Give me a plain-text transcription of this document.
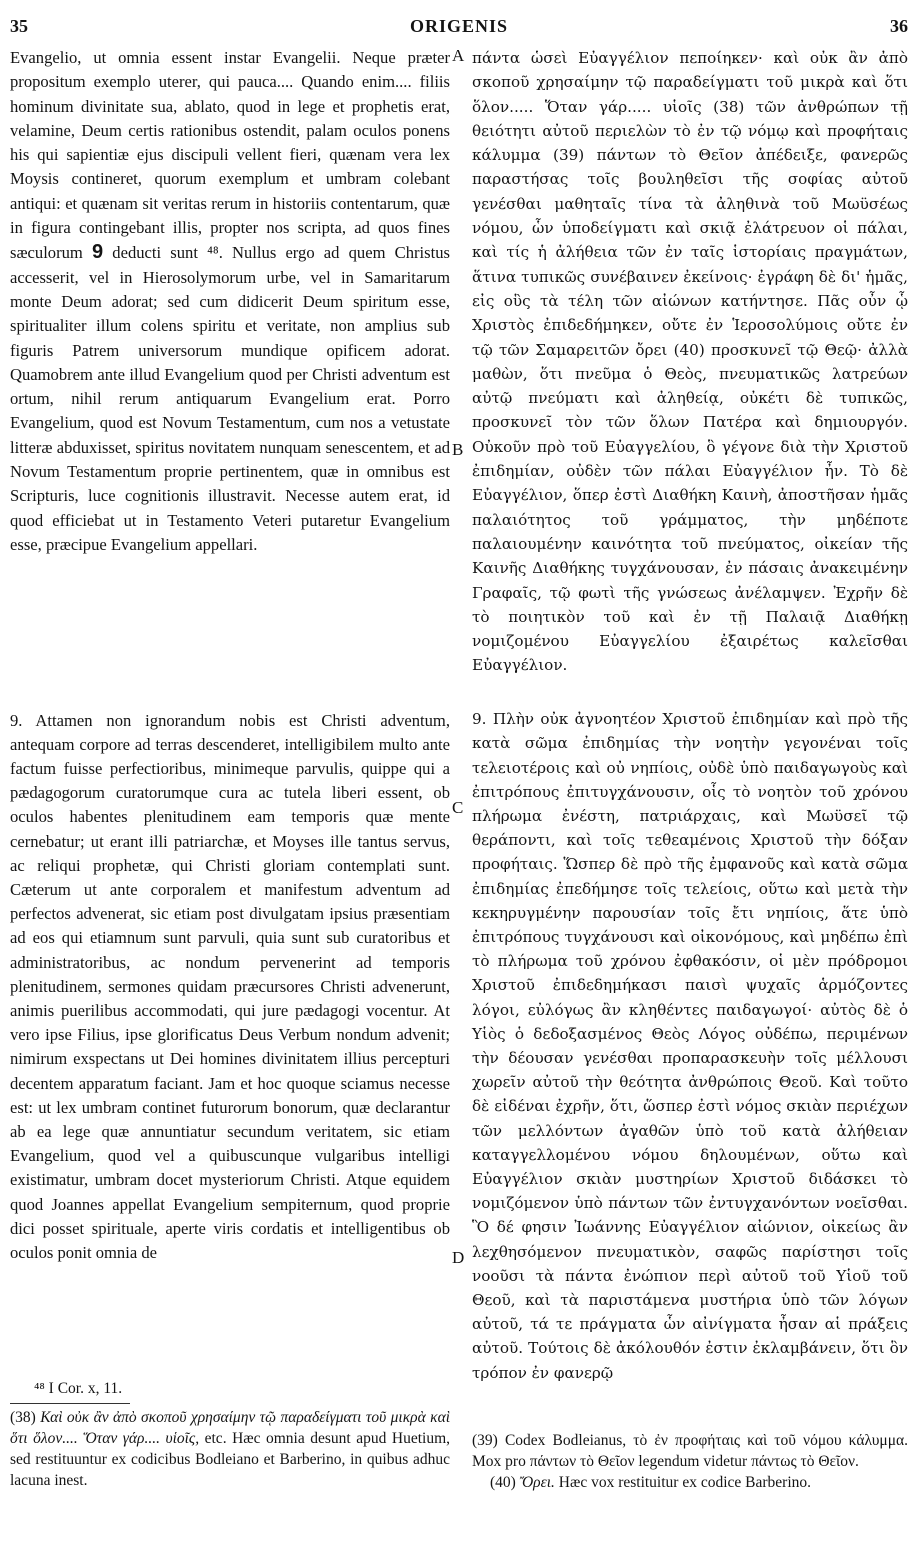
35	ORIGENIS	36

Evangelio, ut omnia essent instar Evangelii. Neque præter propositum exemplo uterer, qui pauca.... Quando enim.... filiis hominum divinitate sua, ablato, quod in lege et prophetis erat, velamine, Deum certis rationibus ostendit, palam oculos ponens his qui sapientiæ ejus discipuli vellent fieri, quænam vera lex Moysis contineret, quorum exemplum et umbram colebant antiqui: et quænam sit veritas rerum in historiis contentarum, quæ in figura contingebant illis, propter nos scripta, ad quos fines sæculorum 9 deducti sunt ⁴⁸. Nullus ergo ad quem Christus accesserit, vel in Hierosolymorum urbe, vel in Samaritarum monte Deum adorat; sed cum didicerit Deum spiritum esse, spiritualiter illum colens spiritu et veritate, non amplius sub figuris Patrem universorum mundique opificem adorat. Quamobrem ante illud Evangelium quod per Christi adventum est ortum, nihil rerum antiquarum Evangelium erat. Porro Evangelium, quod est Novum Testamentum, cum nos a vetustate litteræ abduxisset, spiritus novitatem nunquam senescentem, et ad Novum Testamentum proprie pertinentem, quæ in omnibus est Scripturis, luce cognitionis illustravit. Necesse autem erat, id quod efficiebat ut in Testamento Veteri putaretur Evangelium esse, præcipue Evangelium appellari.

πάντα ὡσεὶ Εὐαγγέλιον πεποίηκεν· καὶ οὐκ ἂν ἀπὸ σκοποῦ χρησαίμην τῷ παραδείγματι τοῦ μικρὰ καὶ ὅτι ὅλον..... Ὅταν γάρ..... υἱοῖς (38) τῶν ἀνθρώπων τῇ θειότητι αὐτοῦ περιελὼν τὸ ἐν τῷ νόμῳ καὶ προφήταις κάλυμμα (39) πάντων τὸ Θεῖον ἀπέδειξε, φανερῶς παραστήσας τοῖς βουληθεῖσι τῆς σοφίας αὐτοῦ γενέσθαι μαθηταῖς τίνα τὰ ἀληθινὰ τοῦ Μωϋσέως νόμου, ὧν ὑποδείγματι καὶ σκιᾷ ἐλάτρευον οἱ πάλαι, καὶ τίς ἡ ἀλήθεια τῶν ἐν ταῖς ἱστορίαις πραγμάτων, ἅτινα τυπικῶς συνέβαινεν ἐκείνοις· ἐγράφη δὲ δι' ἡμᾶς, εἰς οὓς τὰ τέλη τῶν αἰώνων κατήντησε. Πᾶς οὖν ᾧ Χριστὸς ἐπιδεδήμηκεν, οὔτε ἐν Ἱεροσολύμοις οὔτε ἐν τῷ τῶν Σαμαρειτῶν ὄρει (40) προσκυνεῖ τῷ Θεῷ· ἀλλὰ μαθὼν, ὅτι πνεῦμα ὁ Θεὸς, πνευματικῶς λατρεύων αὐτῷ πνεύματι καὶ ἀληθείᾳ, οὐκέτι δὲ τυπικῶς, προσκυνεῖ τὸν τῶν ὅλων Πατέρα καὶ δημιουργόν. Οὐκοῦν πρὸ τοῦ Εὐαγγελίου, ὃ γέγονε διὰ τὴν Χριστοῦ ἐπιδημίαν, οὐδὲν τῶν πάλαι Εὐαγγέλιον ἦν. Τὸ δὲ Εὐαγγέλιον, ὅπερ ἐστὶ Διαθήκη Καινὴ, ἀποστῆσαν ἡμᾶς παλαιότητος τοῦ γράμματος, τὴν μηδέποτε παλαιουμένην καινότητα τοῦ πνεύματος, οἰκείαν τῆς Καινῆς Διαθήκης τυγχάνουσαν, ἐν πάσαις ἀνακειμένην Γραφαῖς, τῷ φωτὶ τῆς γνώσεως ἀνέλαμψεν. Ἐχρῆν δὲ τὸ ποιητικὸν τοῦ καὶ ἐν τῇ Παλαιᾷ Διαθήκῃ νομιζομένου Εὐαγγελίου ἐξαιρέτως καλεῖσθαι Εὐαγγέλιον.

9. Attamen non ignorandum nobis est Christi adventum, antequam corpore ad terras descenderet, intelligibilem multo ante factum fuisse perfectioribus, minimeque parvulis, quippe qui a pædagogorum curatorumque cura ac tutela liberi essent, ob oculos habentes plenitudinem eam temporis quæ mente cernebatur; ut erant illi patriarchæ, et Moyses ille tantus servus, ac reliqui prophetæ, qui Christi gloriam contemplati sunt. Cæterum ut ante corporalem et manifestum adventum ad perfectos advenerat, sic etiam post divulgatam ipsius præsentiam ad eos qui etiamnum sunt parvuli, quia sunt sub curatoribus et administratoribus, ac nondum pervenerint ad temporis plenitudinem, sermones quidam præcursores Christi advenerunt, animis puerilibus accommodati, qui jure pædagogi vocentur. At vero ipse Filius, ipse glorificatus Deus Verbum nondum advenit; nimirum exspectans ut Dei homines divinitatem illius percepturi decentem apparatum faciant. Jam et hoc quoque sciamus necesse est: ut lex umbram continet futurorum bonorum, quæ declarantur ab ea lege quæ annuntiatur secundum veritatem, sic etiam Evangelium, quod vel a quibuscunque vulgaribus intelligi existimatur, umbram docet mysteriorum Christi. Atque equidem quod Joannes appellat Evangelium sempiternum, quod proprie dici posset spirituale, aperte viris cordatis et intelligentibus ob oculos ponit omnia de

9. Πλὴν οὐκ ἀγνοητέον Χριστοῦ ἐπιδημίαν καὶ πρὸ τῆς κατὰ σῶμα ἐπιδημίας τὴν νοητὴν γεγονέναι τοῖς τελειοτέροις καὶ οὐ νηπίοις, οὐδὲ ὑπὸ παιδαγωγοὺς καὶ ἐπιτρόπους ἐπιτυγχάνουσιν, οἷς τὸ νοητὸν τοῦ χρόνου πλήρωμα ἐνέστη, πατριάρχαις, καὶ Μωϋσεῖ τῷ θεράποντι, καὶ τοῖς τεθεαμένοις Χριστοῦ τὴν δόξαν προφήταις. Ὥσπερ δὲ πρὸ τῆς ἐμφανοῦς καὶ κατὰ σῶμα ἐπιδημίας ἐπεδήμησε τοῖς τελείοις, οὕτω καὶ μετὰ τὴν κεκηρυγμένην παρουσίαν τοῖς ἔτι νηπίοις, ἅτε ὑπὸ ἐπιτρόπους τυγχάνουσι καὶ οἰκονόμους, καὶ μηδέπω ἐπὶ τὸ πλήρωμα τοῦ χρόνου ἐφθακόσιν, οἱ μὲν πρόδρομοι Χριστοῦ ἐπιδεδημήκασι παισὶ ψυχαῖς ἁρμόζοντες λόγοι, εὐλόγως ἂν κληθέντες παιδαγωγοί· αὐτὸς δὲ ὁ Υἱὸς ὁ δεδοξασμένος Θεὸς Λόγος οὐδέπω, περιμένων τὴν δέουσαν γενέσθαι προπαρασκευὴν τοῖς μέλλουσι χωρεῖν αὐτοῦ τὴν θεότητα ἀνθρώποις Θεοῦ. Καὶ τοῦτο δὲ εἰδέναι ἐχρῆν, ὅτι, ὥσπερ ἐστὶ νόμος σκιὰν περιέχων τῶν μελλόντων ἀγαθῶν ὑπὸ τοῦ κατὰ ἀλήθειαν καταγγελλομένου νόμου δηλουμένων, οὕτω καὶ Εὐαγγέλιον σκιὰν μυστηρίων Χριστοῦ διδάσκει τὸ νομιζόμενον ὑπὸ πάντων τῶν ἐντυγχανόντων νοεῖσθαι. Ὃ δέ φησιν Ἰωάννης Εὐαγγέλιον αἰώνιον, οἰκείως ἂν λεχθησόμενον πνευματικὸν, σαφῶς παρίστησι τοῖς νοοῦσι τὰ πάντα ἐνώπιον περὶ αὐτοῦ τοῦ Υἱοῦ τοῦ Θεοῦ, καὶ τὰ παριστάμενα μυστήρια ὑπὸ τῶν λόγων αὐτοῦ, τά τε πράγματα ὧν αἰνίγματα ἦσαν αἱ πράξεις αὐτοῦ. Τούτοις δὲ ἀκόλουθόν ἐστιν ἐκλαμβάνειν, ὅτι ὃν τρόπον ἐν φανερῷ

A
B
C
D

⁴⁸ I Cor. x, 11.

(38) Καὶ οὐκ ἂν ἀπὸ σκοποῦ χρησαίμην τῷ παραδείγματι τοῦ μικρὰ καὶ ὅτι ὅλον.... Ὅταν γάρ.... υἱοῖς, etc. Hæc omnia desunt apud Huetium, sed restituuntur ex codicibus Bodleiano et Barberino, in quibus adhuc lacuna inest.

(39) Codex Bodleianus, τὸ ἐν προφήταις καὶ τοῦ νόμου κάλυμμα. Mox pro πάντων τὸ Θεῖον legendum videtur πάντως τὸ Θεῖον.

(40) Ὄρει. Hæc vox restituitur ex codice Barberino.
